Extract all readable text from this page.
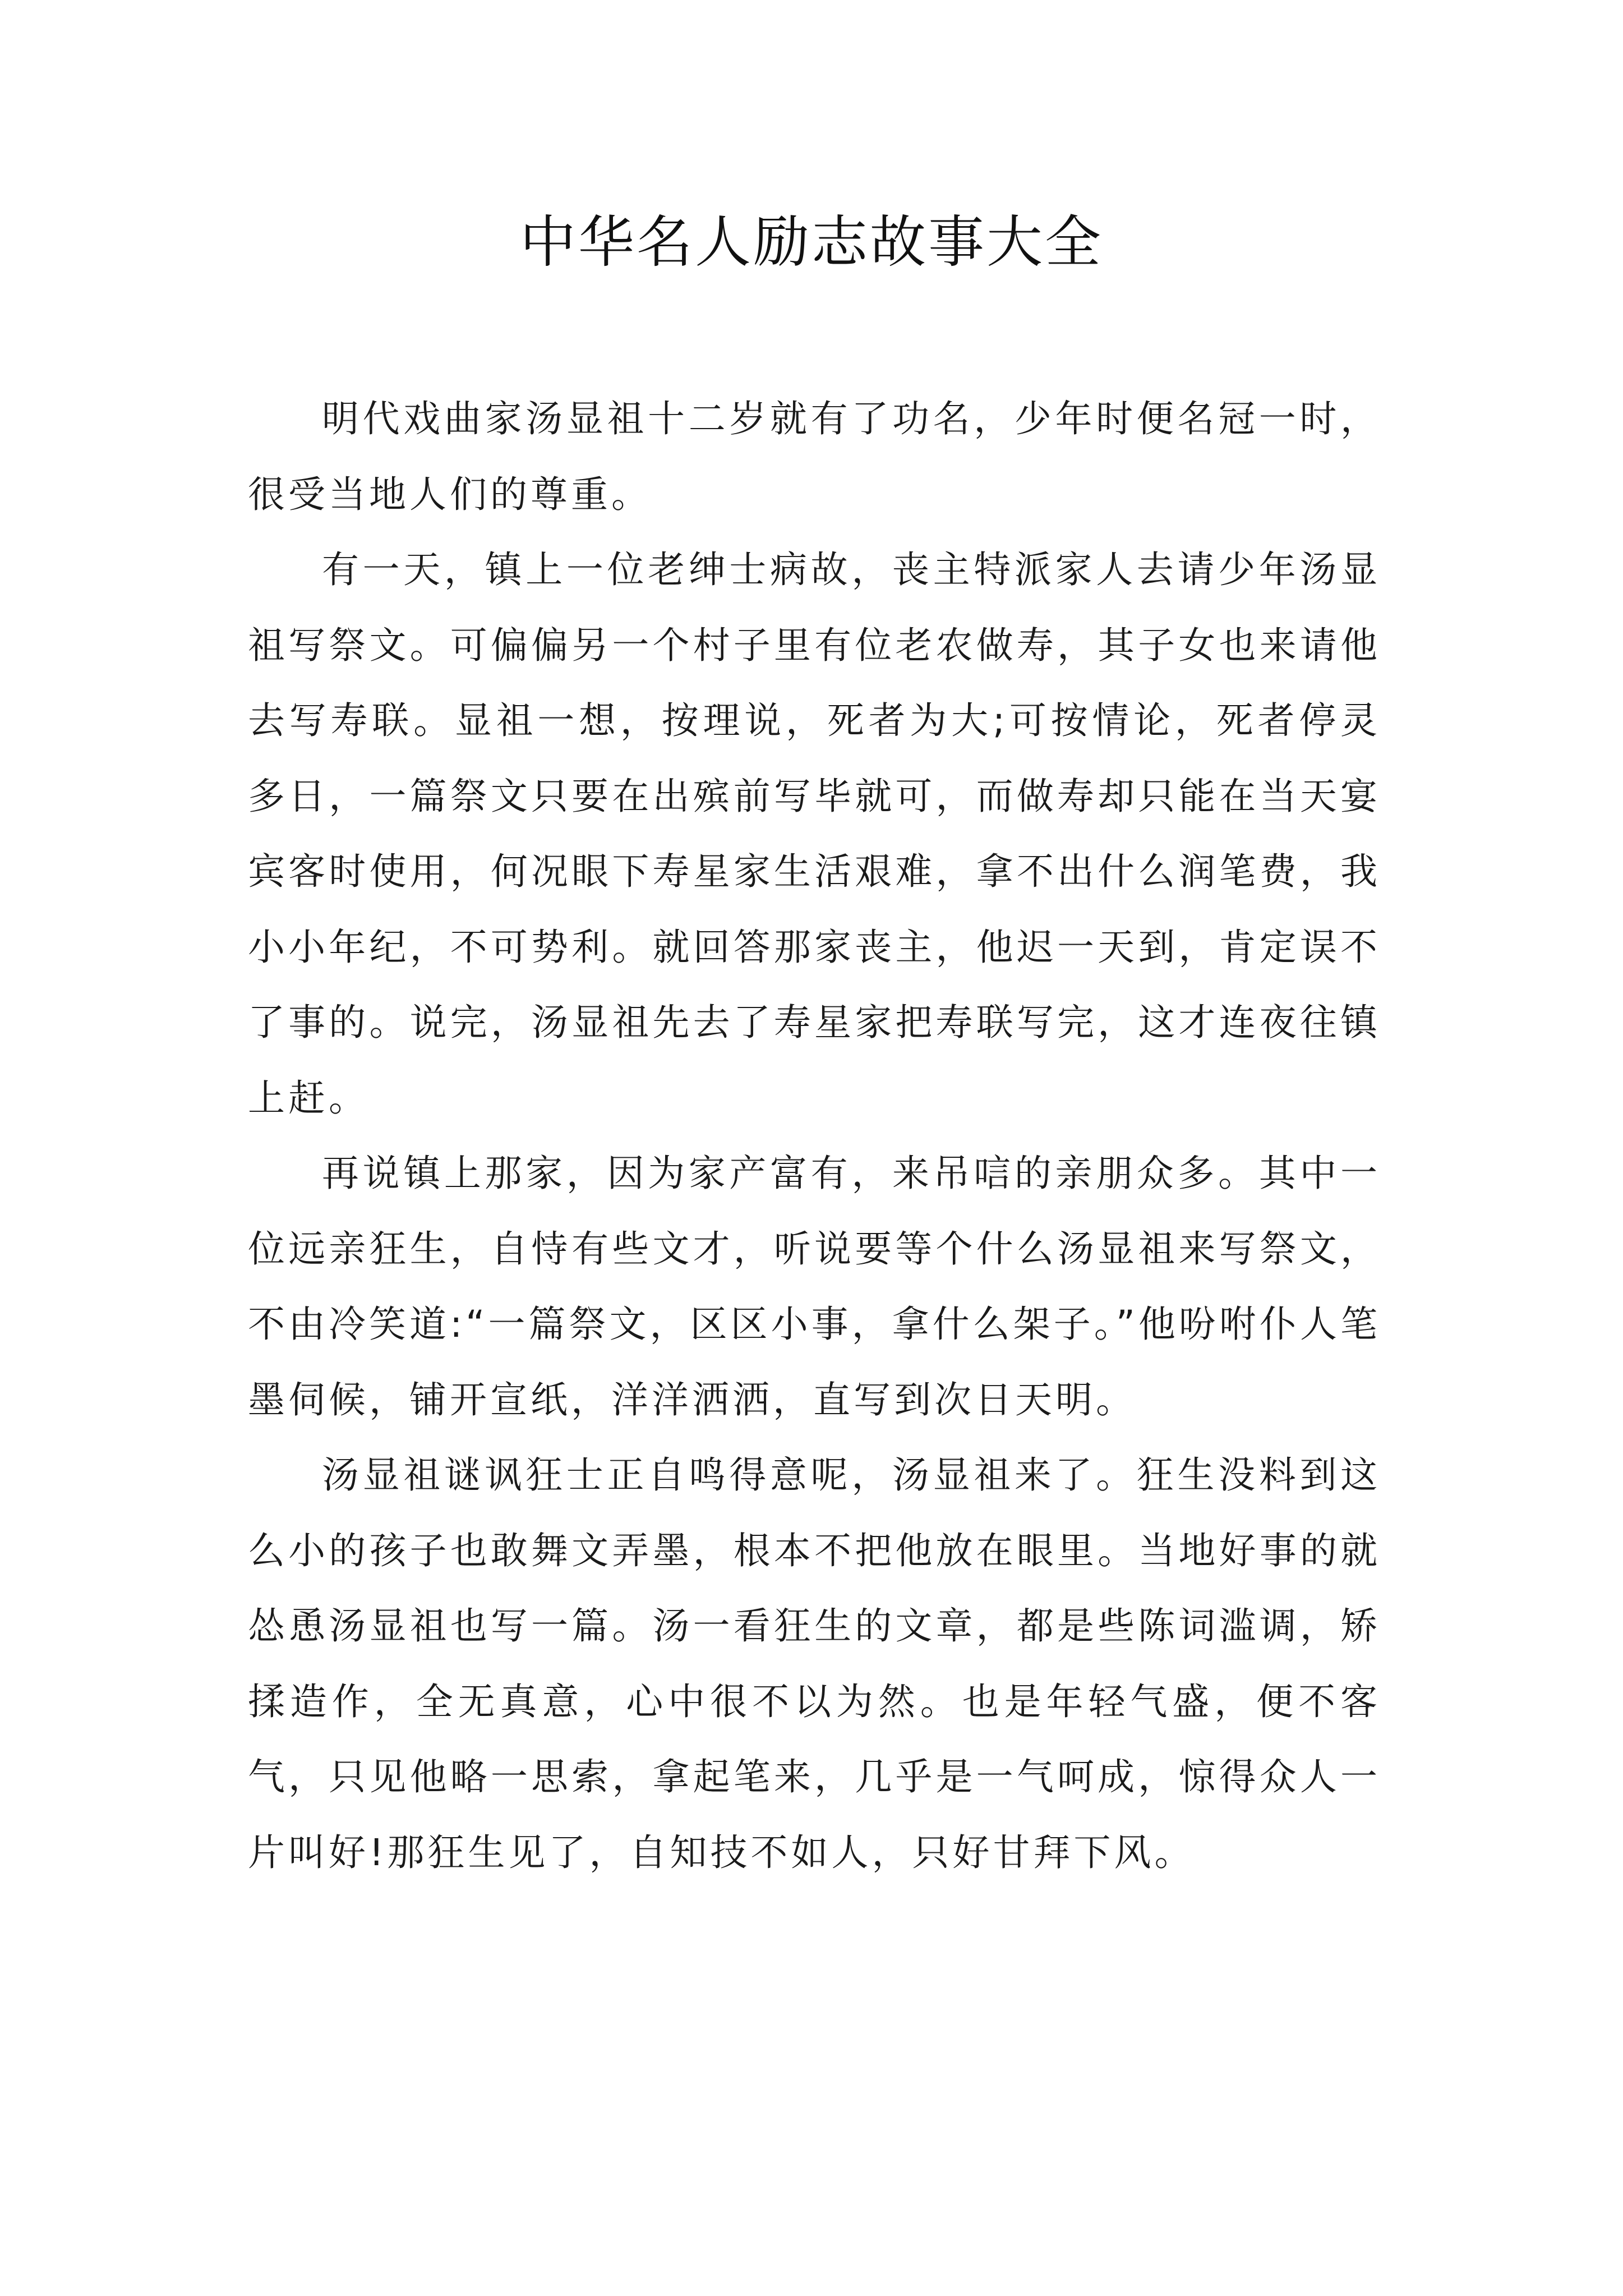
中华名人励志故事大全

明代戏曲家汤显祖十二岁就有了功名，少年时便名冠一时，很受当地人们的尊重。

有一天，镇上一位老绅士病故，丧主特派家人去请少年汤显祖写祭文。可偏偏另一个村子里有位老农做寿，其子女也来请他去写寿联。显祖一想，按理说，死者为大;可按情论，死者停灵多日，一篇祭文只要在出殡前写毕就可，而做寿却只能在当天宴宾客时使用，何况眼下寿星家生活艰难，拿不出什么润笔费，我小小年纪，不可势利。就回答那家丧主，他迟一天到，肯定误不了事的。说完，汤显祖先去了寿星家把寿联写完，这才连夜往镇上赶。

再说镇上那家，因为家产富有，来吊唁的亲朋众多。其中一位远亲狂生，自恃有些文才，听说要等个什么汤显祖来写祭文，不由冷笑道:“一篇祭文，区区小事，拿什么架子。”他吩咐仆人笔墨伺候，铺开宣纸，洋洋洒洒，直写到次日天明。

汤显祖谜讽狂士正自鸣得意呢，汤显祖来了。狂生没料到这么小的孩子也敢舞文弄墨，根本不把他放在眼里。当地好事的就怂恿汤显祖也写一篇。汤一看狂生的文章，都是些陈词滥调，矫揉造作，全无真意，心中很不以为然。也是年轻气盛，便不客气，只见他略一思索，拿起笔来，几乎是一气呵成，惊得众人一片叫好!那狂生见了，自知技不如人，只好甘拜下风。
